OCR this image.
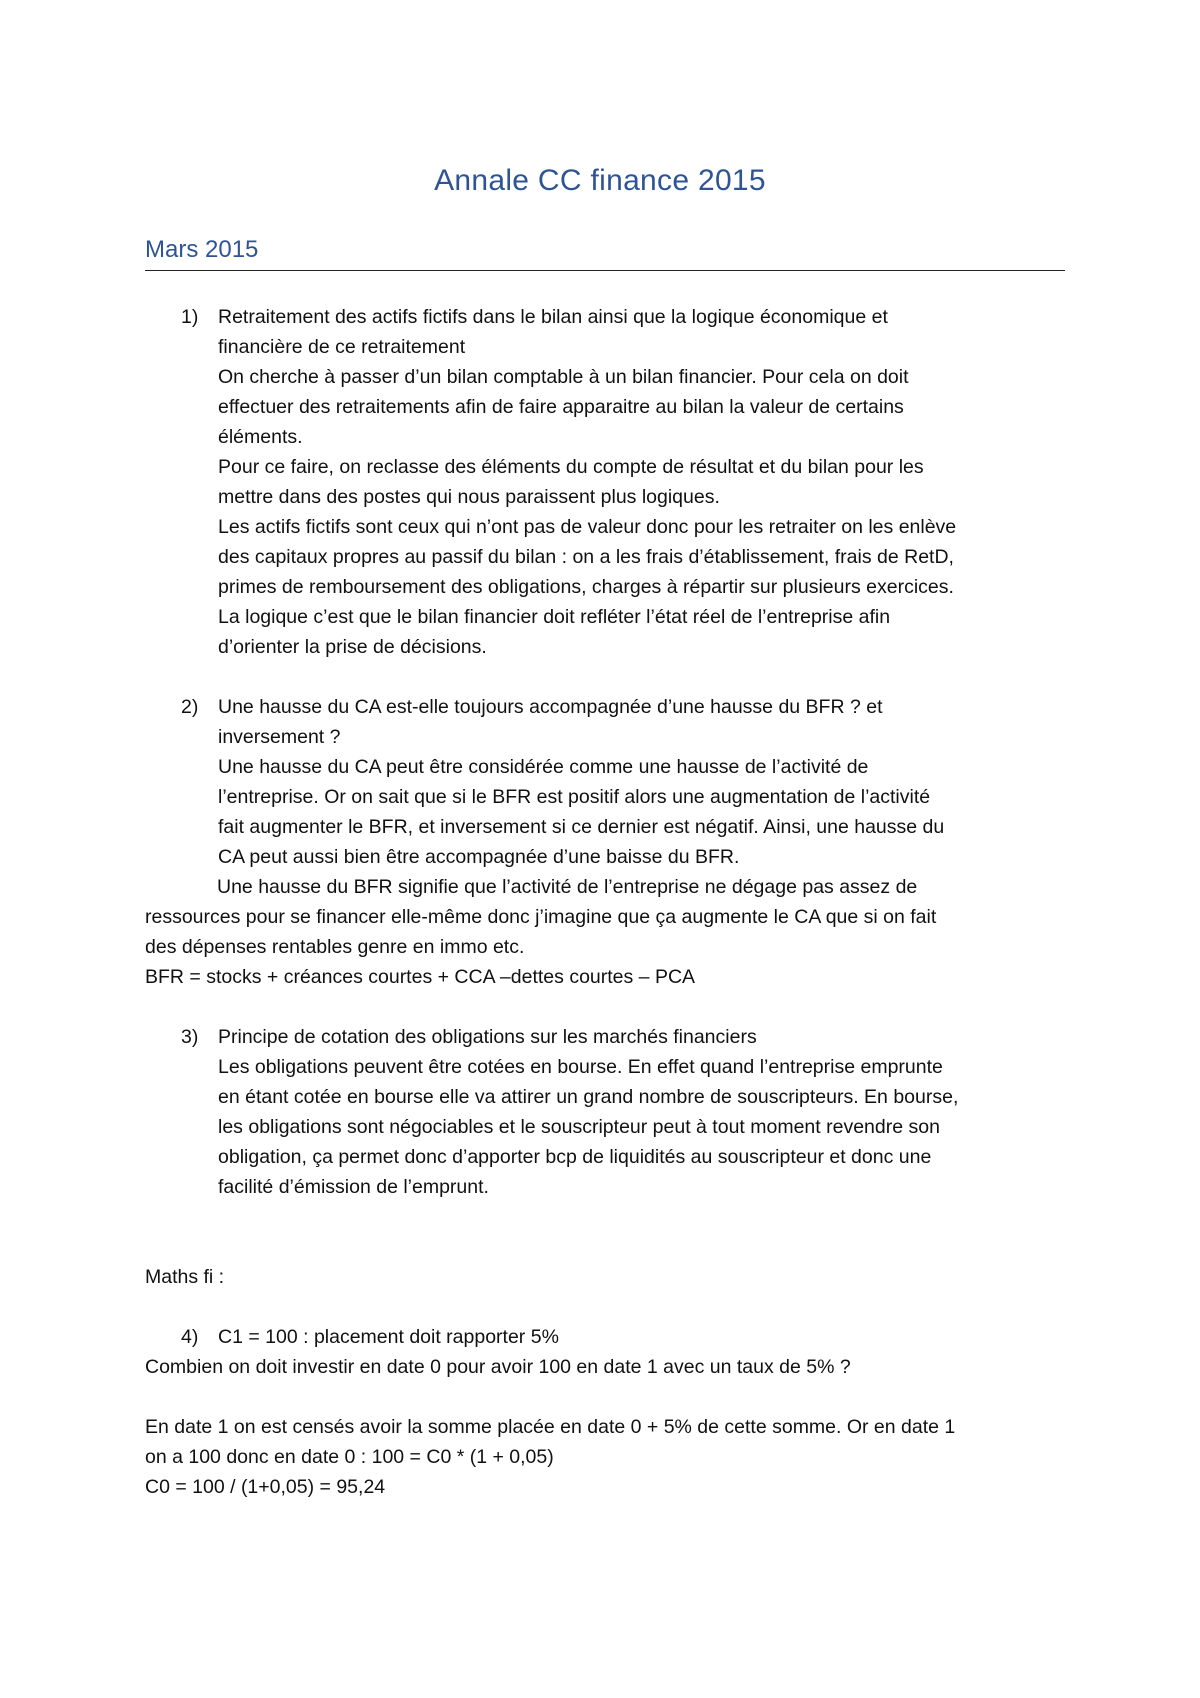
Annale CC finance 2015
Mars 2015
1) Retraitement des actifs fictifs dans le bilan ainsi que la logique économique et
financière de ce retraitement
On cherche à passer d’un bilan comptable à un bilan financier. Pour cela on doit
effectuer des retraitements afin de faire apparaitre au bilan la valeur de certains
éléments.
Pour ce faire, on reclasse des éléments du compte de résultat et du bilan pour les
mettre dans des postes qui nous paraissent plus logiques.
Les actifs fictifs sont ceux qui n’ont pas de valeur donc pour les retraiter on les enlève
des capitaux propres au passif du bilan : on a les frais d’établissement, frais de RetD,
primes de remboursement des obligations, charges à répartir sur plusieurs exercices.
La logique c’est que le bilan financier doit refléter l’état réel de l’entreprise afin
d’orienter la prise de décisions.
2) Une hausse du CA est-elle toujours accompagnée d’une hausse du BFR ? et
inversement ?
Une hausse du CA peut être considérée comme une hausse de l’activité de
l’entreprise. Or on sait que si le BFR est positif alors une augmentation de l’activité
fait augmenter le BFR, et inversement si ce dernier est négatif. Ainsi, une hausse du
CA peut aussi bien être accompagnée d’une baisse du BFR.
Une hausse du BFR signifie que l’activité de l’entreprise ne dégage pas assez de
ressources pour se financer elle-même donc j’imagine que ça augmente le CA que si on fait
des dépenses rentables genre en immo etc.
BFR = stocks + créances courtes + CCA –dettes courtes – PCA
3) Principe de cotation des obligations sur les marchés financiers
Les obligations peuvent être cotées en bourse. En effet quand l’entreprise emprunte
en étant cotée en bourse elle va attirer un grand nombre de souscripteurs. En bourse,
les obligations sont négociables et le souscripteur peut à tout moment revendre son
obligation, ça permet donc d’apporter bcp de liquidités au souscripteur et donc une
facilité d’émission de l’emprunt.
Maths fi :
4) C1 = 100 : placement doit rapporter 5%
Combien on doit investir en date 0 pour avoir 100 en date 1 avec un taux de 5% ?
En date 1 on est censés avoir la somme placée en date 0 + 5% de cette somme. Or en date 1
on a 100 donc en date 0 : 100 = C0 * (1 + 0,05)
C0 = 100 / (1+0,05) = 95,24
